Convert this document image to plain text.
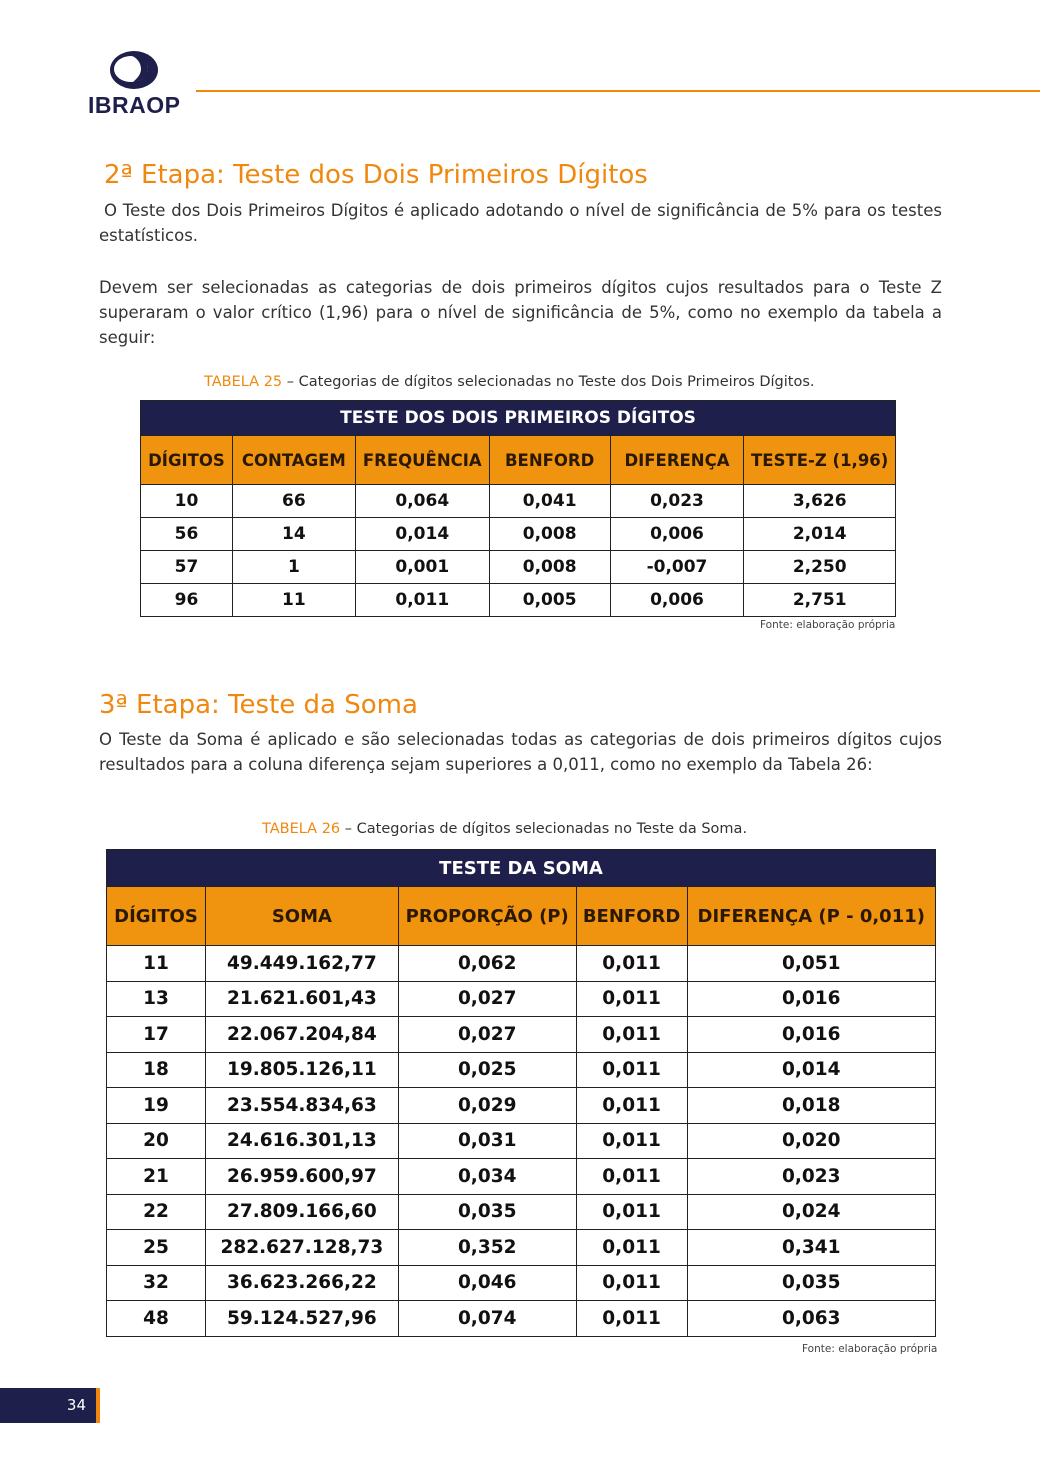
IBRAOP
2ª Etapa: Teste dos Dois Primeiros Dígitos

O Teste dos Dois Primeiros Dígitos é aplicado adotando o nível de significância de 5% para os testes estatísticos.

Devem ser selecionadas as categorias de dois primeiros dígitos cujos resultados para o Teste Z superaram o valor crítico (1,96) para o nível de significância de 5%, como no exemplo da tabela a seguir:

TABELA 25 – Categorias de dígitos selecionadas no Teste dos Dois Primeiros Dígitos.
TESTE DOS DOIS PRIMEIROS DÍGITOS					
DÍGITOS	CONTAGEM	FREQUÊNCIA	BENFORD	DIFERENÇA	TESTE-Z (1,96)
10	66	0,064	0,041	0,023	3,626
56	14	0,014	0,008	0,006	2,014
57	1	0,001	0,008	-0,007	2,250
96	11	0,011	0,005	0,006	2,751
Fonte: elaboração própria
3ª Etapa: Teste da Soma

O Teste da Soma é aplicado e são selecionadas todas as categorias de dois primeiros dígitos cujos resultados para a coluna diferença sejam superiores a 0,011, como no exemplo da Tabela 26:

TABELA 26 – Categorias de dígitos selecionadas no Teste da Soma.
TESTE DA SOMA				
DÍGITOS	SOMA	PROPORÇÃO (P)	BENFORD	DIFERENÇA (P - 0,011)
11	49.449.162,77	0,062	0,011	0,051
13	21.621.601,43	0,027	0,011	0,016
17	22.067.204,84	0,027	0,011	0,016
18	19.805.126,11	0,025	0,011	0,014
19	23.554.834,63	0,029	0,011	0,018
20	24.616.301,13	0,031	0,011	0,020
21	26.959.600,97	0,034	0,011	0,023
22	27.809.166,60	0,035	0,011	0,024
25	282.627.128,73	0,352	0,011	0,341
32	36.623.266,22	0,046	0,011	0,035
48	59.124.527,96	0,074	0,011	0,063
Fonte: elaboração própria
34
